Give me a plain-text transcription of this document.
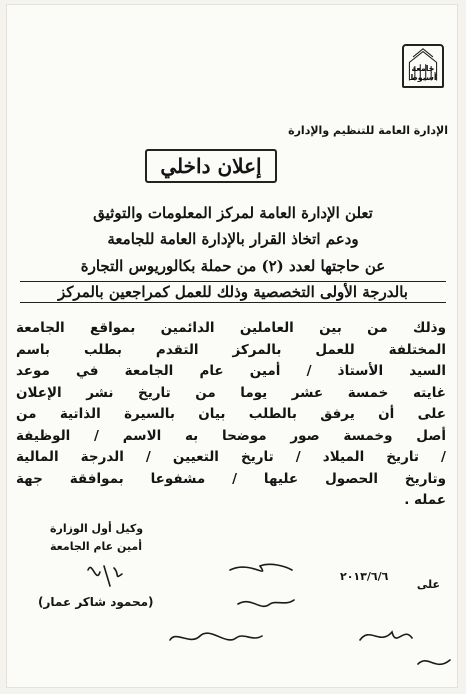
جامعة أسيوط
الإدارة العامة للتنظيم والإدارة
إعلان داخلي
تعلن الإدارة العامة لمركز المعلومات والتوثيق
ودعم اتخاذ القرار بالإدارة العامة للجامعة
عن حاجتها لعدد (٢) من حملة بكالوريوس التجارة
بالدرجة الأولى التخصصية وذلك للعمل كمراجعين بالمركز
وذلك من بين العاملين الدائمين بمواقع الجامعة
المختلفة للعمل بالمركز التقدم بطلب باسم
السيد الأستاذ / أمين عام الجامعة في موعد
غايته خمسة عشر يوما من تاريخ نشر الإعلان
على أن يرفق بالطلب بيان بالسيرة الذاتية من
أصل وخمسة صور موضحا به الاسم / الوظيفة
/ تاريخ الميلاد / تاريخ التعيين / الدرجة المالية
وتاريخ الحصول عليها / مشفوعا بموافقة جهة
عمله .
وكيل أول الوزارة
أمين عام الجامعة
(محمود شاكر عمار)
٢٠١٣/٦/٦
على
